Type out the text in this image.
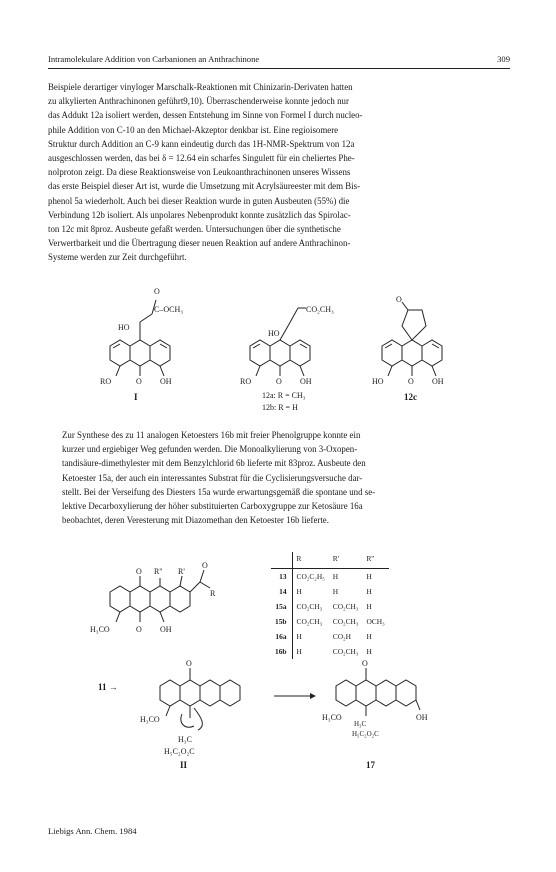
Intramolekulare Addition von Carbanionen an Anthrachinone	309
Beispiele derartiger vinyloger Marschalk-Reaktionen mit Chinizarin-Derivaten hatten
zu alkylierten Anthrachinonen geführt9,10). Überraschenderweise konnte jedoch nur
das Addukt 12a isoliert werden, dessen Entstehung im Sinne von Formel I durch nucleo-
phile Addition von C-10 an den Michael-Akzeptor denkbar ist. Eine regioisomere
Struktur durch Addition an C-9 kann eindeutig durch das 1H-NMR-Spektrum von 12a
ausgeschlossen werden, das bei δ = 12.64 ein scharfes Singulett für ein cheliertes Phe-
nolproton zeigt. Da diese Reaktionsweise von Leukoanthrachinonen unseres Wissens
das erste Beispiel dieser Art ist, wurde die Umsetzung mit Acrylsäureester mit dem Bis-
phenol 5a wiederholt. Auch bei dieser Reaktion wurde in guten Ausbeuten (55%) die
Verbindung 12b isoliert. Als unpolares Nebenprodukt konnte zusätzlich das Spirolac-
ton 12c mit 8proz. Ausbeute gefaßt werden. Untersuchungen über die synthetische
Verwertbarkeit und die Übertragung dieser neuen Reaktion auf andere Anthrachinon-
Systeme werden zur Zeit durchgeführt.
O
C–OCH₃
HO
RO	O OH
I
CO₂CH₃
HO
RO	O OH
12a: R = CH₃
12b: R = H
O
HO	O OH
12c
Zur Synthese des zu 11 analogen Ketoesters 16b mit freier Phenolgruppe konnte ein
kurzer und ergiebiger Weg gefunden werden. Die Monoalkylierung von 3-Oxopen-
tandisäure-dimethylester mit dem Benzylchlorid 6b lieferte mit 83proz. Ausbeute den
Ketoester 15a, der auch ein interessantes Substrat für die Cyclisierungsversuche dar-
stellt. Bei der Verseifung des Diesters 15a wurde erwartungsgemäß die spontane und se-
lektive Decarboxylierung der höher substituierten Carboxygruppe zur Ketosäure 16a
beobachtet, deren Veresterung mit Diazomethan den Ketoester 16b lieferte.
O R'' R'
O
R
H₃CO	O OH
	R	R'	R''
13	CO₂C₂H₅	H	H
14	H	H	H
15a	CO₂CH₃	CO₂CH₃	H
15b	CO₂CH₃	CO₂CH₃	OCH₃
16a	H	CO₂H	H
16b	H	CO₂CH₃	H
11 →
O
H₃CO
H₃C
H₅C₂O₂C
II
O
H₃CO
H₃C
H₅C₂O₂C
OH
17
Liebigs Ann. Chem. 1984
